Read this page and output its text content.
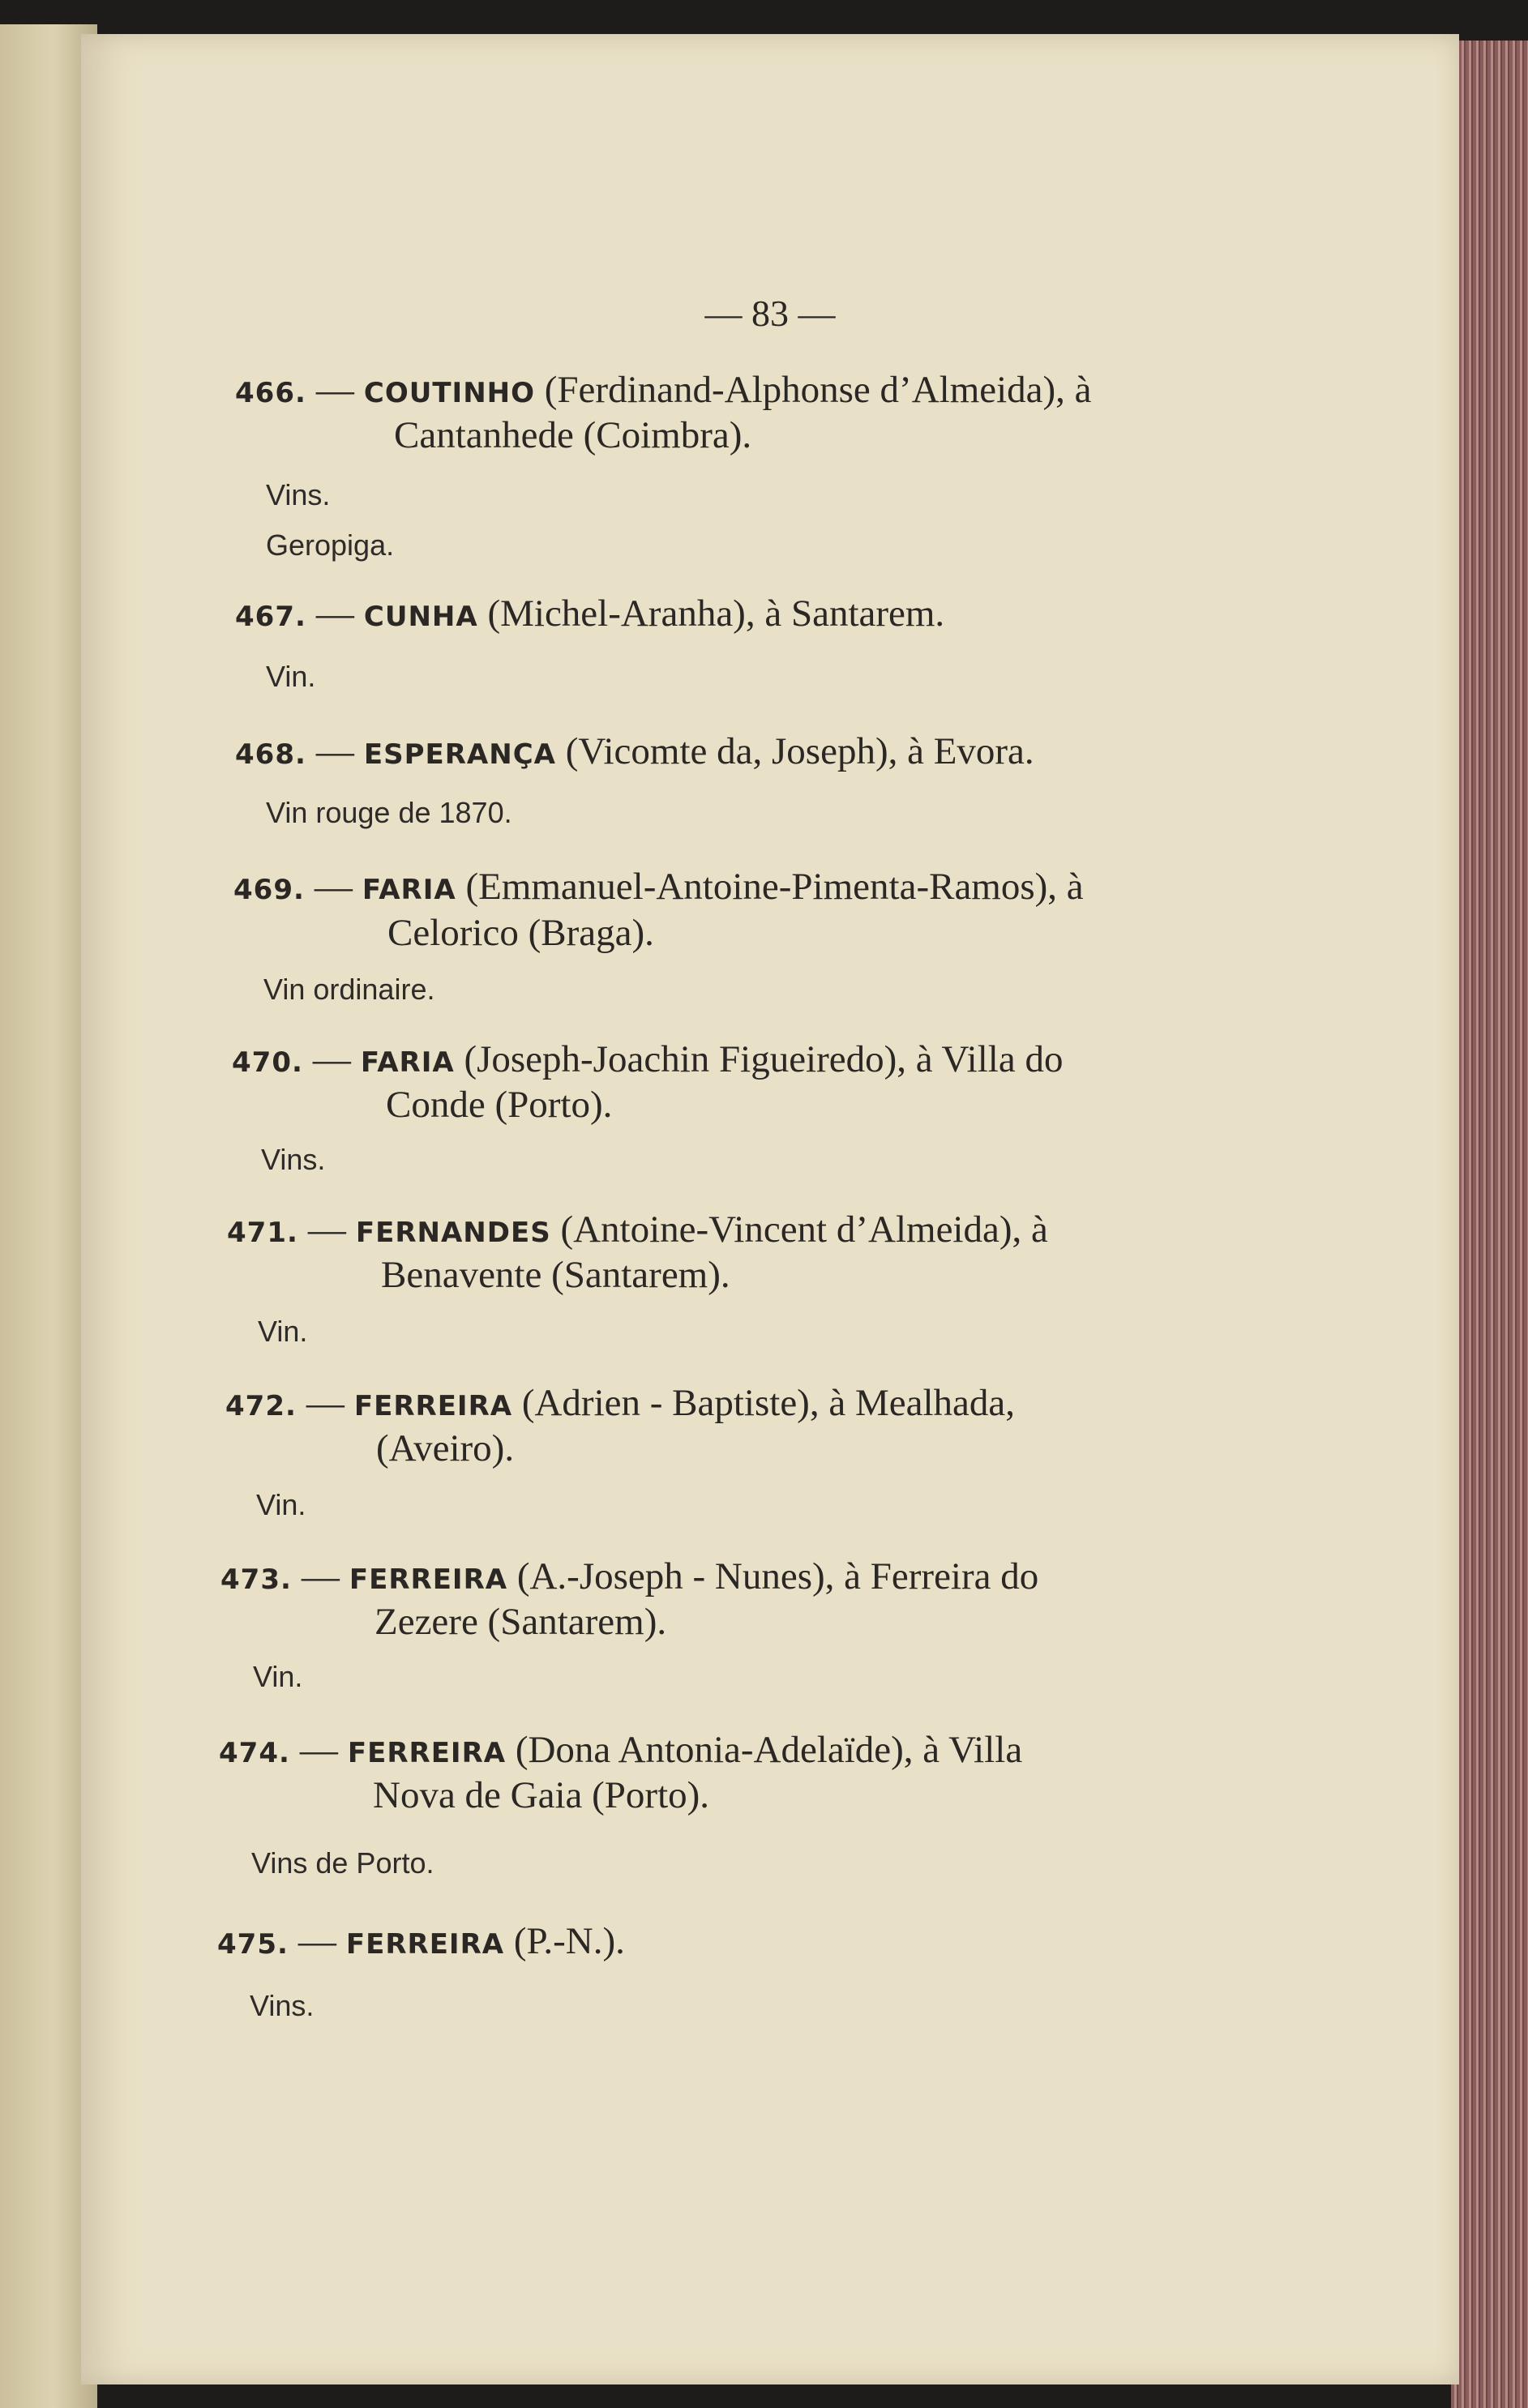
— 83 —
466. — COUTINHO (Ferdinand-Alphonse d’Almeida), à
Cantanhede (Coimbra).
Vins.
Geropiga.
467. — CUNHA (Michel-Aranha), à Santarem.
Vin.
468. — ESPERANÇA (Vicomte da, Joseph), à Evora.
Vin rouge de 1870.
469. — FARIA (Emmanuel-Antoine-Pimenta-Ramos), à
Celorico (Braga).
Vin ordinaire.
470. — FARIA (Joseph-Joachin Figueiredo), à Villa do
Conde (Porto).
Vins.
471. — FERNANDES (Antoine-Vincent d’Almeida), à
Benavente (Santarem).
Vin.
472. — FERREIRA (Adrien - Baptiste), à Mealhada,
(Aveiro).
Vin.
473. — FERREIRA (A.-Joseph - Nunes), à Ferreira do
Zezere (Santarem).
Vin.
474. — FERREIRA (Dona Antonia-Adelaïde), à Villa
Nova de Gaia (Porto).
Vins de Porto.
475. — FERREIRA (P.-N.).
Vins.
